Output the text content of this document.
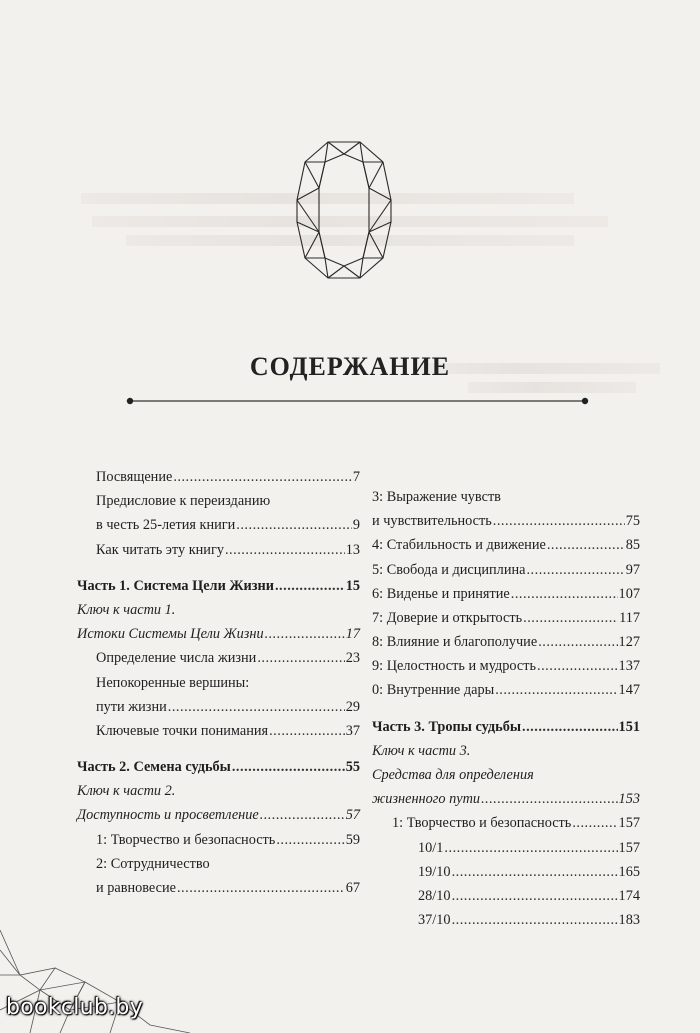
СОДЕРЖАНИЕ
Посвящение .....	7
Предисловие к переизданию
в честь 25-летия книги .....	9
Как читать эту книгу .....	13
Часть 1. Система Цели Жизни .....	15
Ключ к части 1.
Истоки Системы Цели Жизни .....	17
Определение числа жизни .....	23
Непокоренные вершины:
пути жизни .....	29
Ключевые точки понимания .....	37
Часть 2. Семена судьбы .....	55
Ключ к части 2.
Доступность и просветление .....	57
1: Творчество и безопасность .....	59
2: Сотрудничество
и равновесие .....	67
3: Выражение чувств
и чувствительность .....	75
4: Стабильность и движение .....	85
5: Свобода и дисциплина .....	97
6: Виденье и принятие .....	107
7: Доверие и открытость .....	117
8: Влияние и благополучие .....	127
9: Целостность и мудрость .....	137
0: Внутренние дары .....	147
Часть 3. Тропы судьбы .....	151
Ключ к части 3.
Средства для определения
жизненного пути .....	153
1: Творчество и безопасность .....	157
10/1 .....	157
19/10 .....	165
28/10 .....	174
37/10 .....	183
bookclub.by
